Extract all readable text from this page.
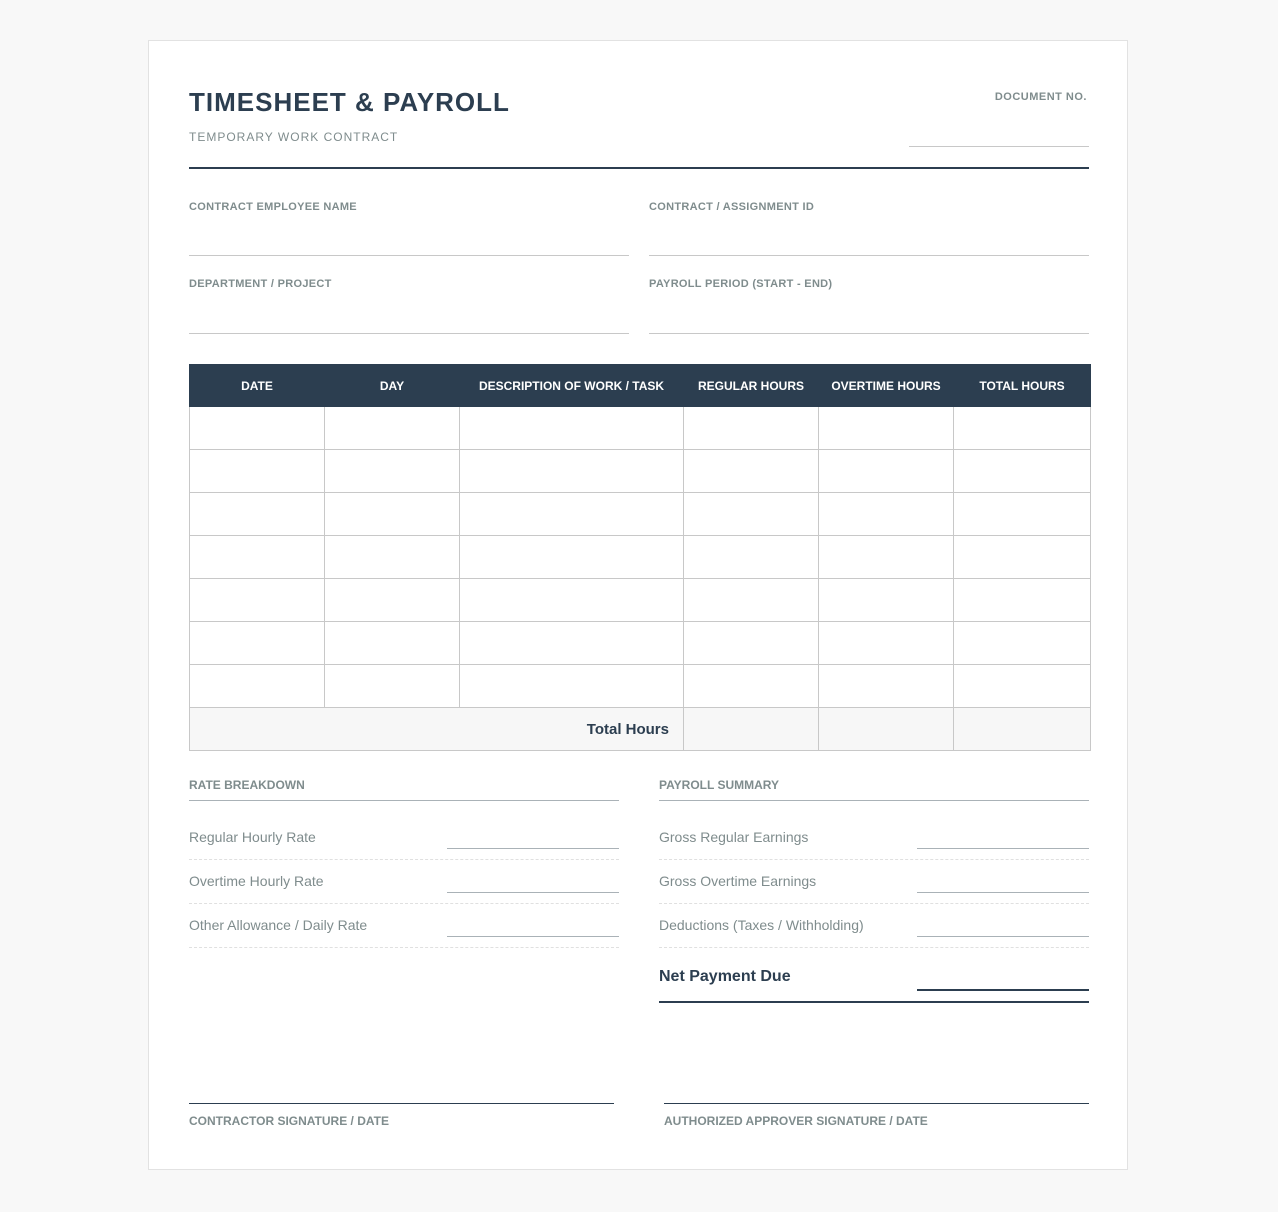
TIMESHEET & PAYROLL
TEMPORARY WORK CONTRACT
DOCUMENT NO.
CONTRACT EMPLOYEE NAME	CONTRACT / ASSIGNMENT ID
DEPARTMENT / PROJECT	PAYROLL PERIOD (START - END)
DATE	DAY	DESCRIPTION OF WORK / TASK	REGULAR HOURS	OVERTIME HOURS	TOTAL HOURS

Total Hours					
RATE BREAKDOWN
Regular Hourly Rate
Overtime Hourly Rate
Other Allowance / Daily Rate
PAYROLL SUMMARY
Gross Regular Earnings
Gross Overtime Earnings
Deductions (Taxes / Withholding)
Net Payment Due
CONTRACTOR SIGNATURE / DATE	AUTHORIZED APPROVER SIGNATURE / DATE
